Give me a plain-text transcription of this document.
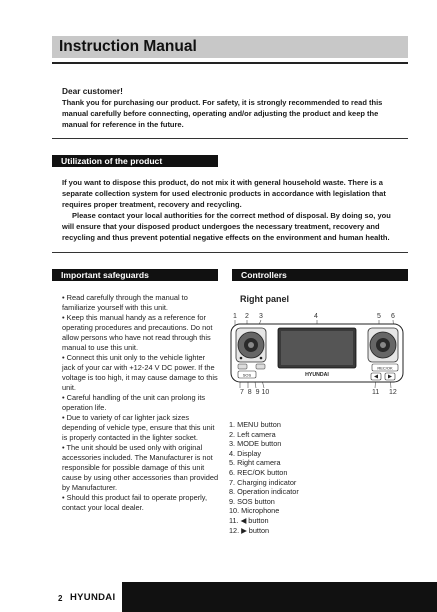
Instruction Manual
Dear customer!
Thank you for purchasing our product. For safety, it is strongly recommended to read this manual carefully before connecting, operating and/or adjusting the product and keep the manual for reference in the future.
Utilization of the product
If you want to dispose this product, do not mix it with general household waste. There is a separate collection system for used electronic products in accordance with legislation that requires proper treatment, recovery and recycling.
Please contact your local authorities for the correct method of disposal. By doing so, you will ensure that your disposed product undergoes the necessary treatment, recovery and recycling and thus prevent potential negative effects on the environment and human health.
Important safeguards

• Read carefully through the manual to familiarize yourself with this unit.

• Keep this manual handy as a reference for operating procedures and precautions. Do not allow persons who have not read through this manual to use this unit.

• Connect this unit only to the vehicle lighter jack of your car with +12-24 V DC power. If the voltage is too high, it may cause damage to this unit.

• Careful handling of the unit can prolong its operation life.

• Due to variety of car lighter jack sizes depending of vehicle type, ensure that this unit is properly contacted in the lighter socket.

• The unit should be used only with original accessories included. The Manufacturer is not responsible for possible damage of this unit cause by using other accessories than provided by Manufacturer.

• Should this product fail to operate properly, contact your local dealer.

Controllers
Right panel
1 2 3	4	5 6
HYUNDAI
SOS
REC/OK
7 8 9 10	11 12
1. MENU button
2. Left camera
3. MODE button
4. Display
5. Right camera
6. REC/OK button
7. Charging indicator
8. Operation indicator
9. SOS button
10. Microphone
11. ◀ button
12. ▶ button
2 HYUNDAI
